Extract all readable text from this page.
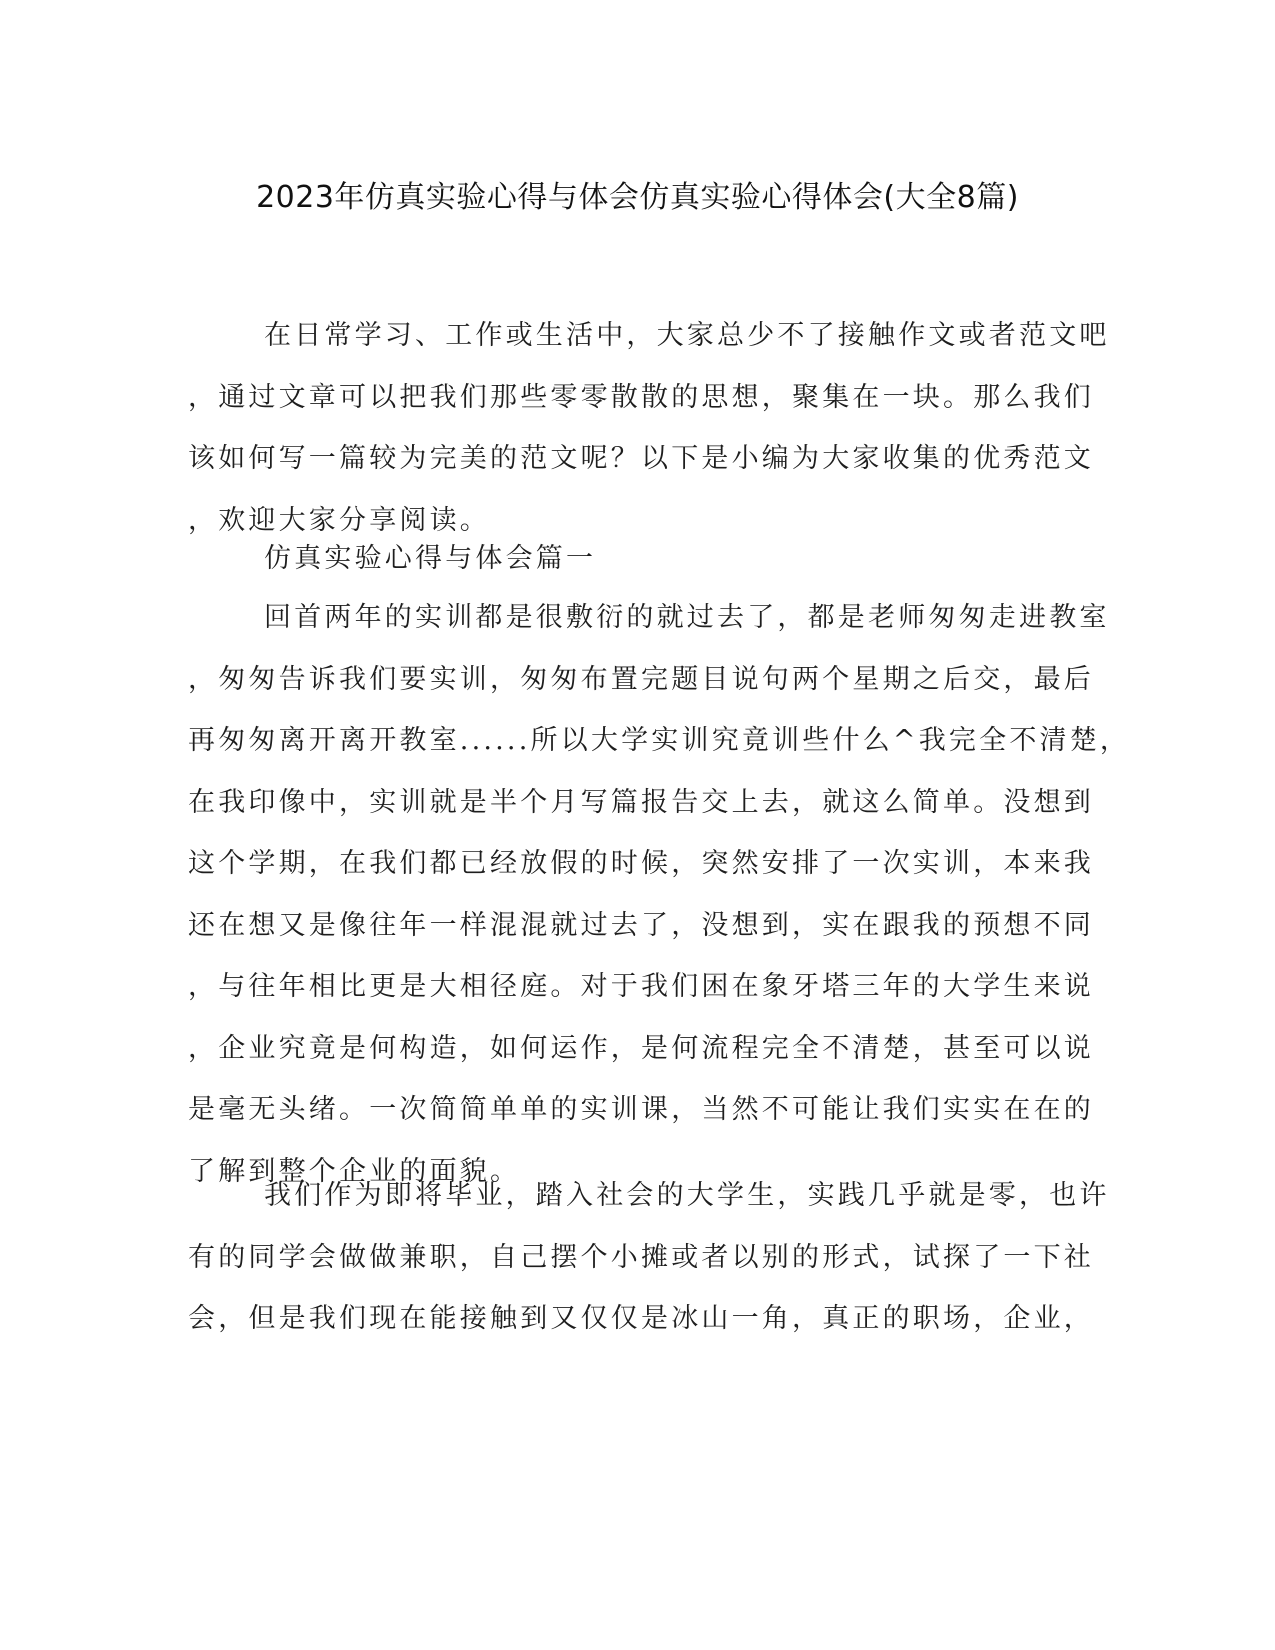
2023年仿真实验心得与体会仿真实验心得体会(大全8篇)
在日常学习、工作或生活中，大家总少不了接触作文或者范文吧
，通过文章可以把我们那些零零散散的思想，聚集在一块。那么我们
该如何写一篇较为完美的范文呢？以下是小编为大家收集的优秀范文
，欢迎大家分享阅读。
仿真实验心得与体会篇一
回首两年的实训都是很敷衍的就过去了，都是老师匆匆走进教室
，匆匆告诉我们要实训，匆匆布置完题目说句两个星期之后交，最后
再匆匆离开离开教室......所以大学实训究竟训些什么^我完全不清楚，
在我印像中，实训就是半个月写篇报告交上去，就这么简单。没想到
这个学期，在我们都已经放假的时候，突然安排了一次实训，本来我
还在想又是像往年一样混混就过去了，没想到，实在跟我的预想不同
，与往年相比更是大相径庭。对于我们困在象牙塔三年的大学生来说
，企业究竟是何构造，如何运作，是何流程完全不清楚，甚至可以说
是毫无头绪。一次简简单单的实训课，当然不可能让我们实实在在的
了解到整个企业的面貌。
我们作为即将毕业，踏入社会的大学生，实践几乎就是零，也许
有的同学会做做兼职，自己摆个小摊或者以别的形式，试探了一下社
会，但是我们现在能接触到又仅仅是冰山一角，真正的职场，企业，
